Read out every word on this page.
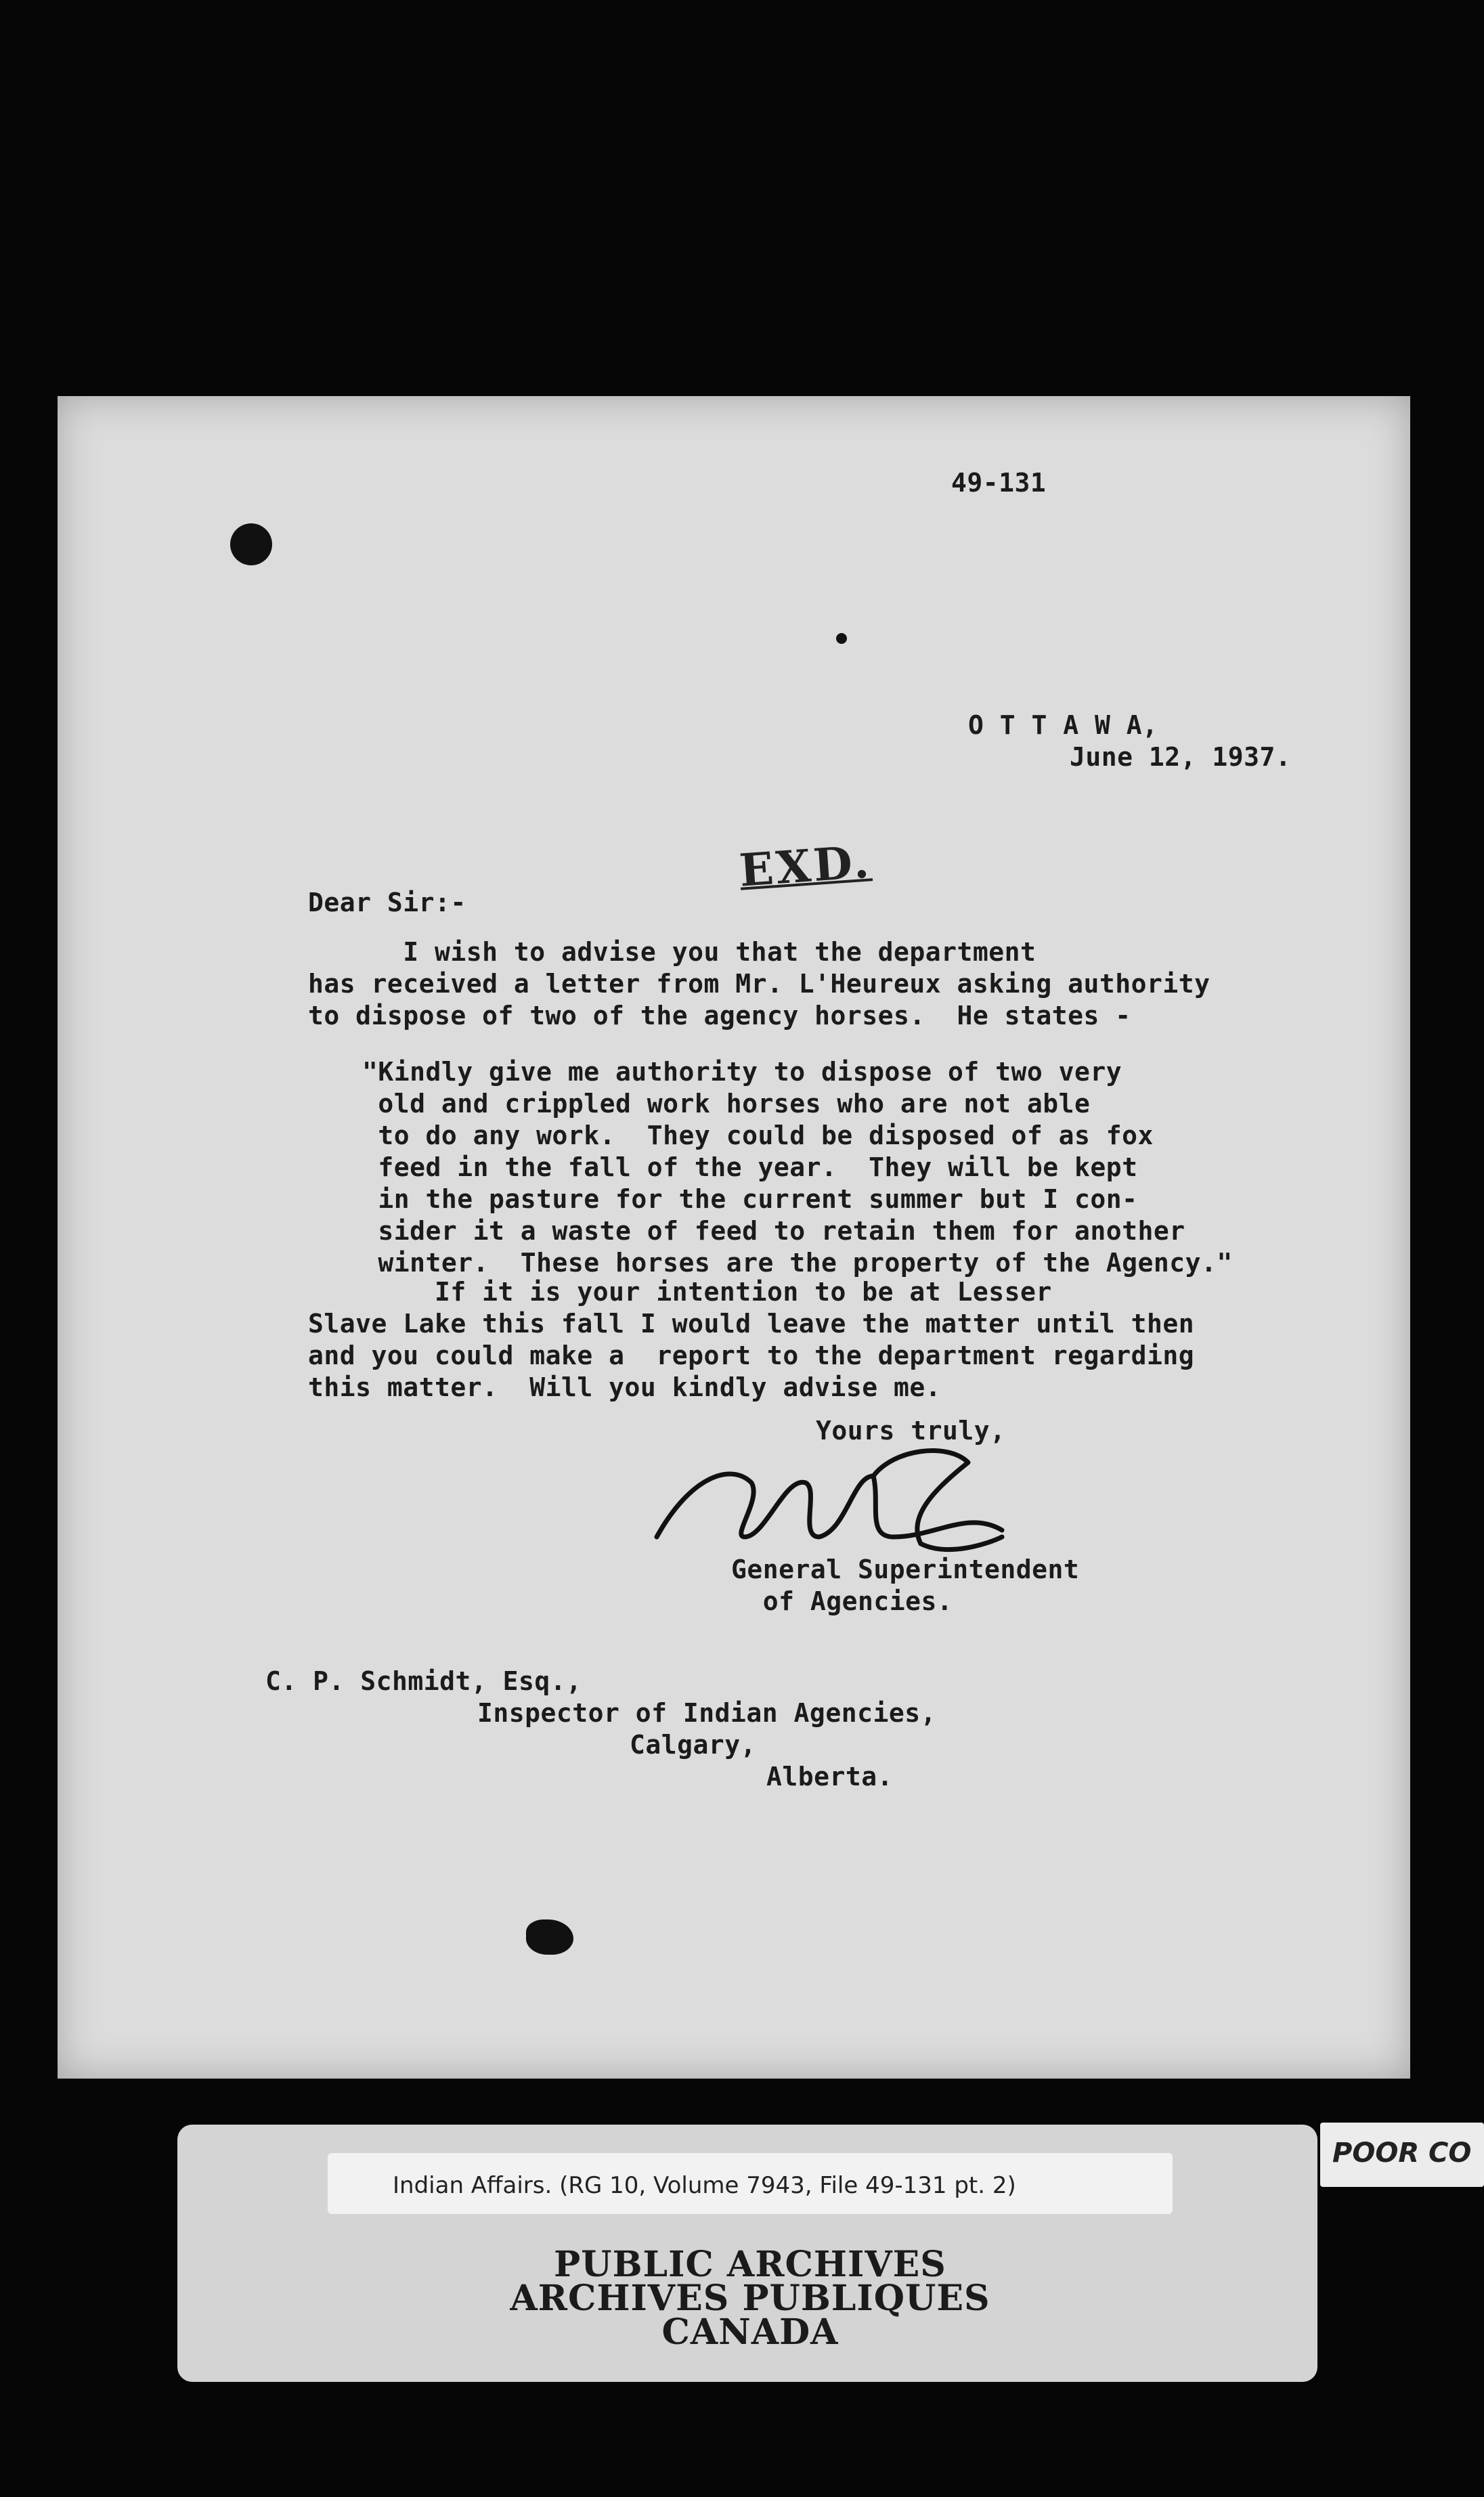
49-131
O T T A W A,
June 12, 1937.
EXD.
Dear Sir:-
I wish to advise you that the department
has received a letter from Mr. L'Heureux asking authority
to dispose of two of the agency horses.  He states -
"Kindly give me authority to dispose of two very
old and crippled work horses who are not able
to do any work.  They could be disposed of as fox
feed in the fall of the year.  They will be kept
in the pasture for the current summer but I con-
sider it a waste of feed to retain them for another
winter.  These horses are the property of the Agency."
If it is your intention to be at Lesser
Slave Lake this fall I would leave the matter until then
and you could make a  report to the department regarding
this matter.  Will you kindly advise me.
Yours truly,
General Superintendent
of Agencies.
C. P. Schmidt, Esq.,
Inspector of Indian Agencies,
Calgary,
Alberta.
Indian Affairs. (RG 10, Volume 7943, File 49-131 pt. 2)
PUBLIC ARCHIVES
ARCHIVES PUBLIQUES
CANADA
POOR CO
